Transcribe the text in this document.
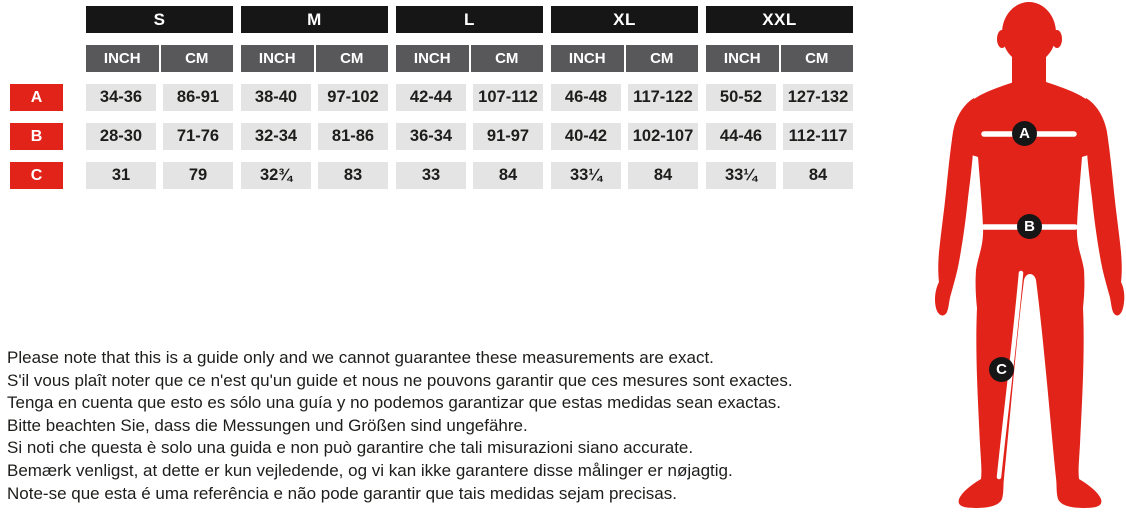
S	M	L	XL	XXL
INCH	CM	INCH	CM	INCH	CM	INCH	CM	INCH	CM
A	34-36	86-91	38-40	97-102	42-44	107-112	46-48	117-122	50-52	127-132
B	28-30	71-76	32-34	81-86	36-34	91-97	40-42	102-107	44-46	112-117
C	31	79	32¾	83	33	84	33¼	84	33¼	84
Please note that this is a guide only and we cannot guarantee these measurements are exact.
S'il vous plaît noter que ce n'est qu'un guide et nous ne pouvons garantir que ces mesures sont exactes.
Tenga en cuenta que esto es sólo una guía y no podemos garantizar que estas medidas sean exactas.
Bitte beachten Sie, dass die Messungen und Größen sind ungefähre.
Si noti che questa è solo una guida e non può garantire che tali misurazioni siano accurate.
Bemærk venligst, at dette er kun vejledende, og vi kan ikke garantere disse målinger er nøjagtig.
Note-se que esta é uma referência e não pode garantir que tais medidas sejam precisas.
A
B
C
